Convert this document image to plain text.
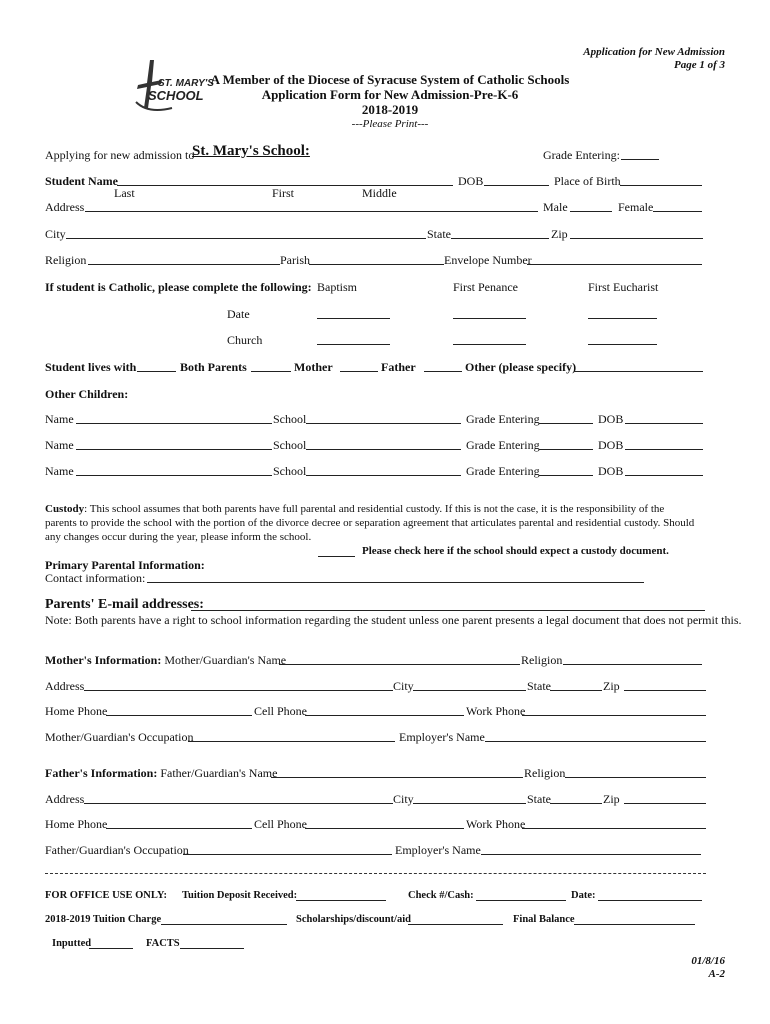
Application for New Admission
Page 1 of 3
ST. MARY'S
SCHOOL
A Member of the Diocese of Syracuse System of Catholic Schools
Application Form for New Admission-Pre-K-6
2018-2019
---Please Print---
Applying for new admission to
St. Mary's School:	Grade Entering:
Student Name	DOB	Place of Birth
Last	First	Middle
Address	Male	Female
City	State	Zip
Religion	Parish	Envelope Number
If student is Catholic, please complete the following: Baptism	First Penance	First Eucharist
Date
Church
Student lives with	Both Parents	Mother	Father	Other (please specify)
Other Children:
Name	School	Grade Entering	DOB
Name	School	Grade Entering	DOB
Name	School	Grade Entering	DOB
Custody: This school assumes that both parents have full parental and residential custody. If this is not the case, it is the responsibility of the
parents to provide the school with the portion of the divorce decree or separation agreement that articulates parental and residential custody. Should
any changes occur during the year, please inform the school.
Please check here if the school should expect a custody document.
Primary Parental Information:
Contact information:
Parents' E-mail addresses:
Note: Both parents have a right to school information regarding the student unless one parent presents a legal document that does not permit this.
Mother's Information: Mother/Guardian's Name	Religion
Address	City	State	Zip
Home Phone	Cell Phone	Work Phone
Mother/Guardian's Occupation	Employer's Name
Father's Information: Father/Guardian's Name	Religion
Address	City	State	Zip
Home Phone	Cell Phone	Work Phone
Father/Guardian's Occupation	Employer's Name
FOR OFFICE USE ONLY: Tuition Deposit Received:	Check #/Cash:	Date:
2018-2019 Tuition Charge	Scholarships/discount/aid	Final Balance
Inputted	FACTS
01/8/16
A-2
